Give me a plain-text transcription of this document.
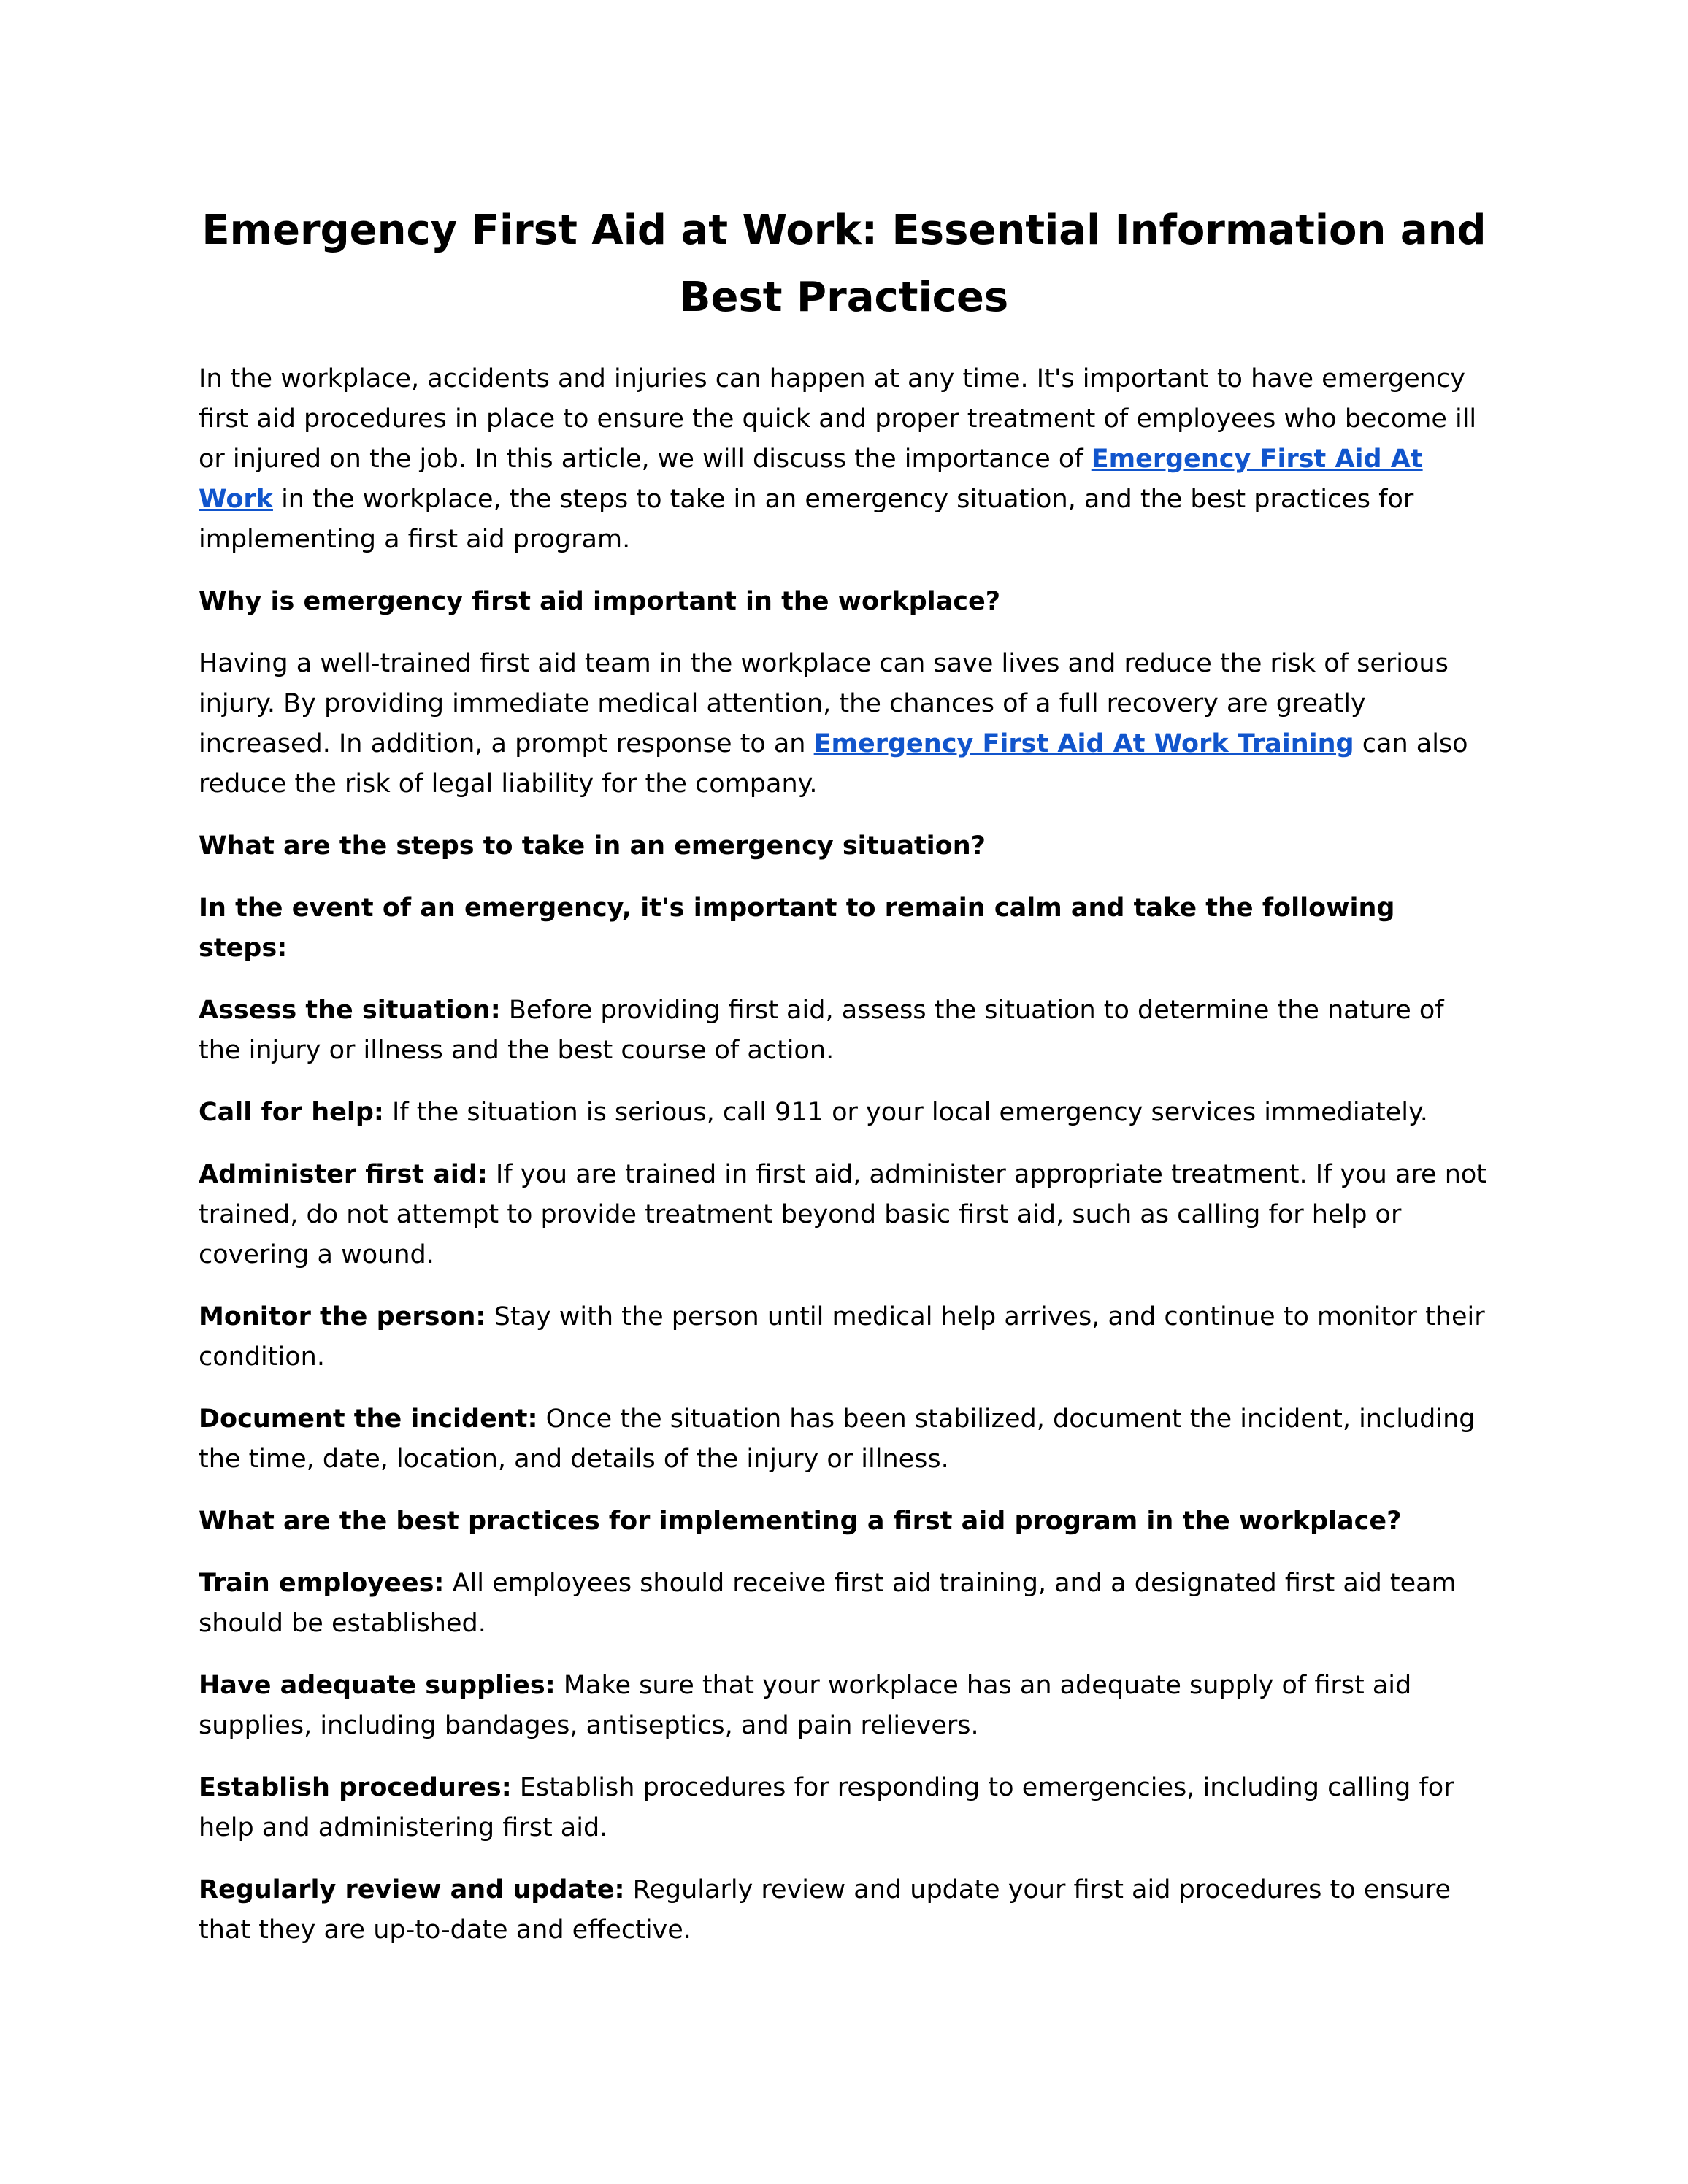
Emergency First Aid at Work: Essential Information and Best Practices

In the workplace, accidents and injuries can happen at any time. It's important to have emergency first aid procedures in place to ensure the quick and proper treatment of employees who become ill or injured on the job. In this article, we will discuss the importance of Emergency First Aid At Work in the workplace, the steps to take in an emergency situation, and the best practices for implementing a first aid program.

Why is emergency first aid important in the workplace?

Having a well-trained first aid team in the workplace can save lives and reduce the risk of serious injury. By providing immediate medical attention, the chances of a full recovery are greatly increased. In addition, a prompt response to an Emergency First Aid At Work Training can also reduce the risk of legal liability for the company.

What are the steps to take in an emergency situation?

In the event of an emergency, it's important to remain calm and take the following steps:

Assess the situation: Before providing first aid, assess the situation to determine the nature of the injury or illness and the best course of action.

Call for help: If the situation is serious, call 911 or your local emergency services immediately.

Administer first aid: If you are trained in first aid, administer appropriate treatment. If you are not trained, do not attempt to provide treatment beyond basic first aid, such as calling for help or covering a wound.

Monitor the person: Stay with the person until medical help arrives, and continue to monitor their condition.

Document the incident: Once the situation has been stabilized, document the incident, including the time, date, location, and details of the injury or illness.

What are the best practices for implementing a first aid program in the workplace?

Train employees: All employees should receive first aid training, and a designated first aid team should be established.

Have adequate supplies: Make sure that your workplace has an adequate supply of first aid supplies, including bandages, antiseptics, and pain relievers.

Establish procedures: Establish procedures for responding to emergencies, including calling for help and administering first aid.

Regularly review and update: Regularly review and update your first aid procedures to ensure that they are up-to-date and effective.
